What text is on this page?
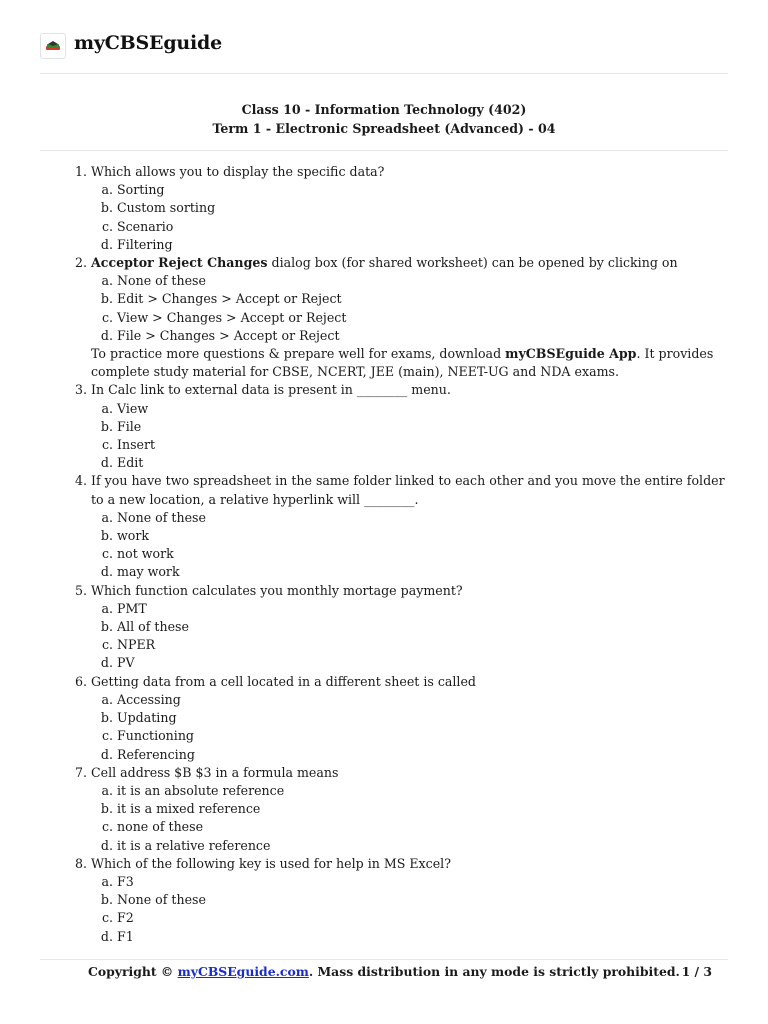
myCBSEguide
Class 10 - Information Technology (402)
Term 1 - Electronic Spreadsheet (Advanced) - 04
1. Which allows you to display the specific data?
a. Sorting
b. Custom sorting
c. Scenario
d. Filtering
2. Acceptor Reject Changes dialog box (for shared worksheet) can be opened by clicking on
a. None of these
b. Edit > Changes > Accept or Reject
c. View > Changes > Accept or Reject
d. File > Changes > Accept or Reject
To practice more questions & prepare well for exams, download myCBSEguide App. It provides complete study material for CBSE, NCERT, JEE (main), NEET-UG and NDA exams.
3. In Calc link to external data is present in ________ menu.
a. View
b. File
c. Insert
d. Edit
4. If you have two spreadsheet in the same folder linked to each other and you move the entire folder to a new location, a relative hyperlink will ________.
a. None of these
b. work
c. not work
d. may work
5. Which function calculates you monthly mortage payment?
a. PMT
b. All of these
c. NPER
d. PV
6. Getting data from a cell located in a different sheet is called
a. Accessing
b. Updating
c. Functioning
d. Referencing
7. Cell address $B $3 in a formula means
a. it is an absolute reference
b. it is a mixed reference
c. none of these
d. it is a relative reference
8. Which of the following key is used for help in MS Excel?
a. F3
b. None of these
c. F2
d. F1
Copyright © myCBSEguide.com. Mass distribution in any mode is strictly prohibited. 1 / 3
